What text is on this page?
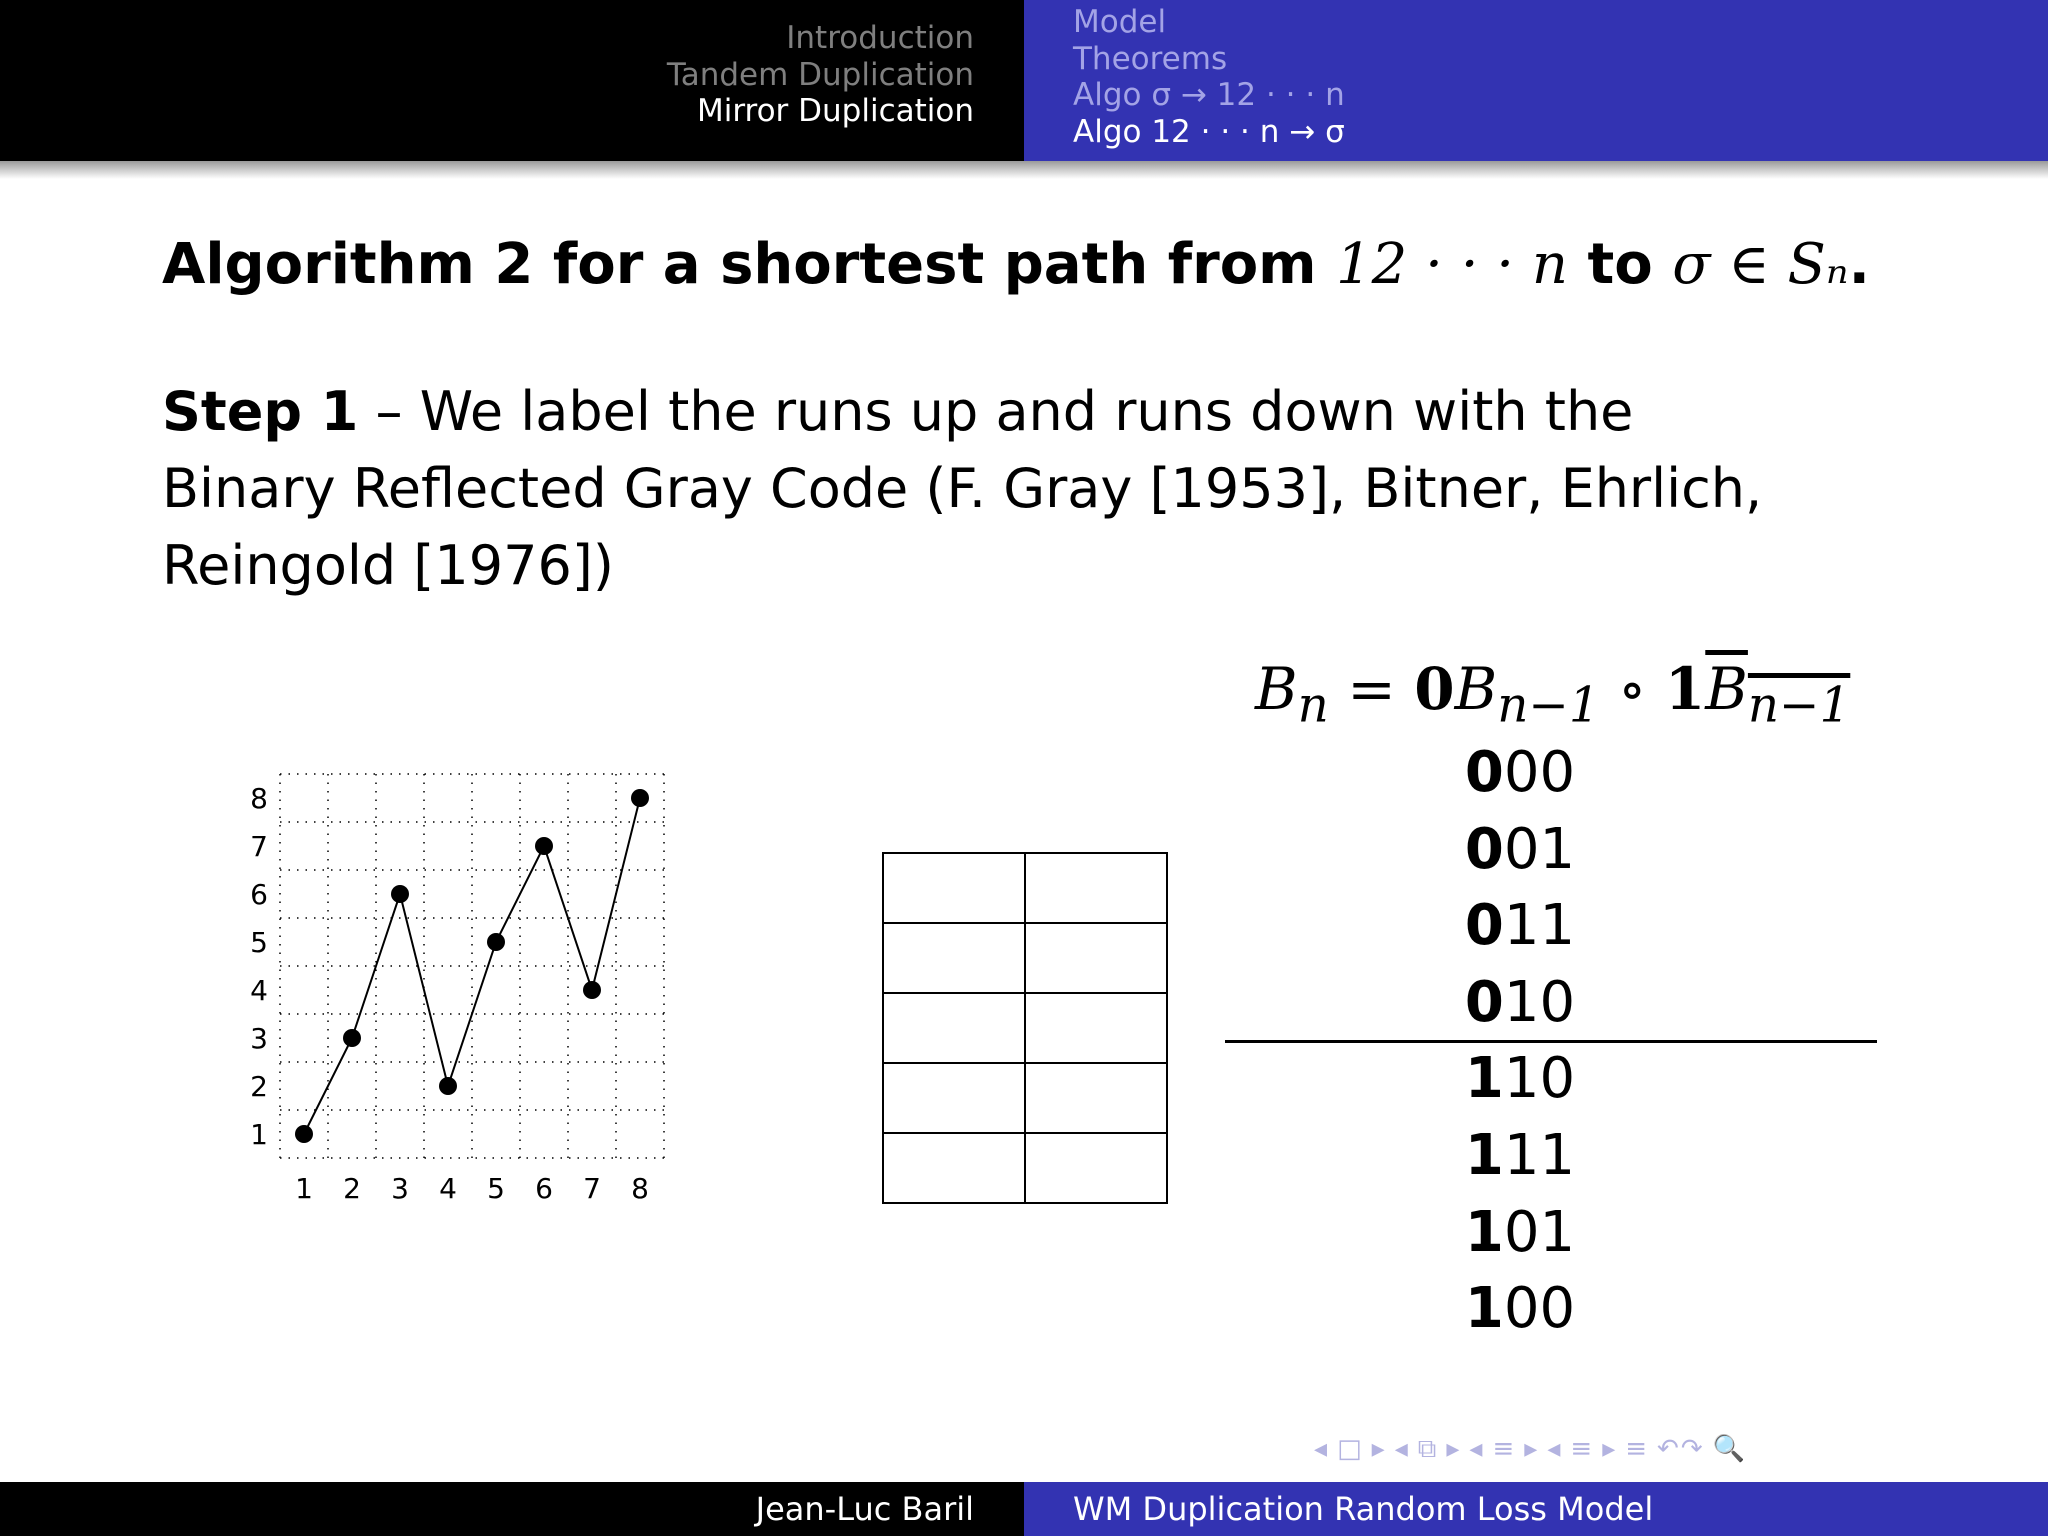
Introduction
Tandem Duplication
Mirror Duplication
Model
Theorems
Algo σ → 12 · · · n
Algo 12 · · · n → σ
Algorithm 2 for a shortest path from 12 · · · n to σ ∈ Sₙ.
Step 1 – We label the runs up and runs down with the Binary Reflected Gray Code (F. Gray [1953], Bitner, Ehrlich, Reingold [1976])
1 2 3 4 5 6 7 8
1
2
3
4
5
6
7
8

$B_n = 0B_{n-1}$ ∘ $1B_{n-1}$
000
001
011
010
110
111
101
100
◂ □ ▸ ◂ ⧉ ▸ ◂ ≡ ▸ ◂ ≡ ▸ ≡ ↶↷ 🔍
Jean-Luc Baril	WM Duplication Random Loss Model
